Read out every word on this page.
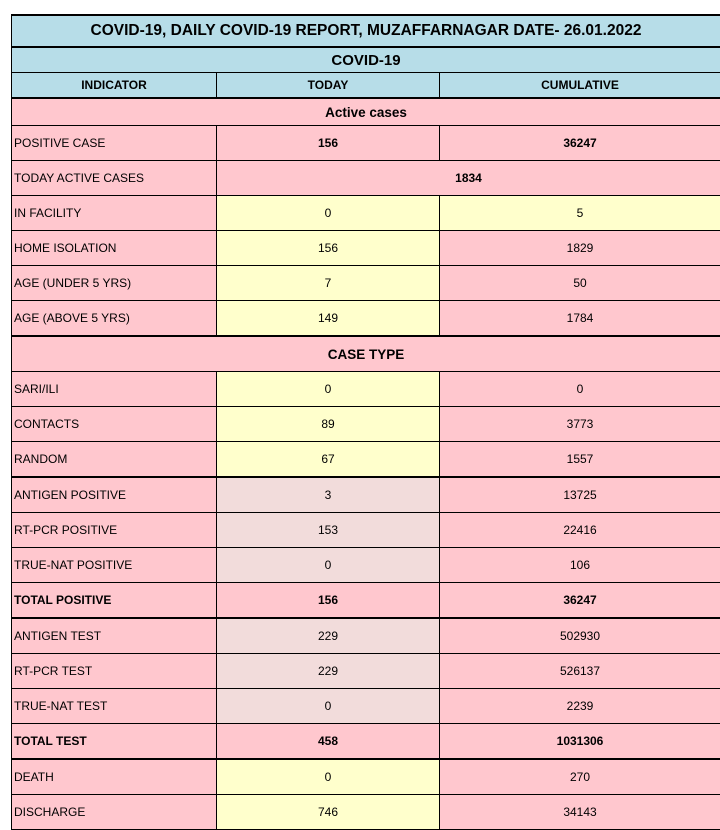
COVID-19, DAILY COVID-19 REPORT, MUZAFFARNAGAR DATE- 26.01.2022		
COVID-19		
INDICATOR	TODAY	CUMULATIVE
Active cases		
POSITIVE CASE	156	36247
TODAY ACTIVE CASES	1834	
IN FACILITY	0	5
HOME ISOLATION	156	1829
AGE (UNDER 5 YRS)	7	50
AGE (ABOVE 5 YRS)	149	1784
CASE TYPE		
SARI/ILI	0	0
CONTACTS	89	3773
RANDOM	67	1557
ANTIGEN POSITIVE	3	13725
RT-PCR POSITIVE	153	22416
TRUE-NAT POSITIVE	0	106
TOTAL POSITIVE	156	36247
ANTIGEN TEST	229	502930
RT-PCR TEST	229	526137
TRUE-NAT TEST	0	2239
TOTAL TEST	458	1031306
DEATH	0	270
DISCHARGE	746	34143
